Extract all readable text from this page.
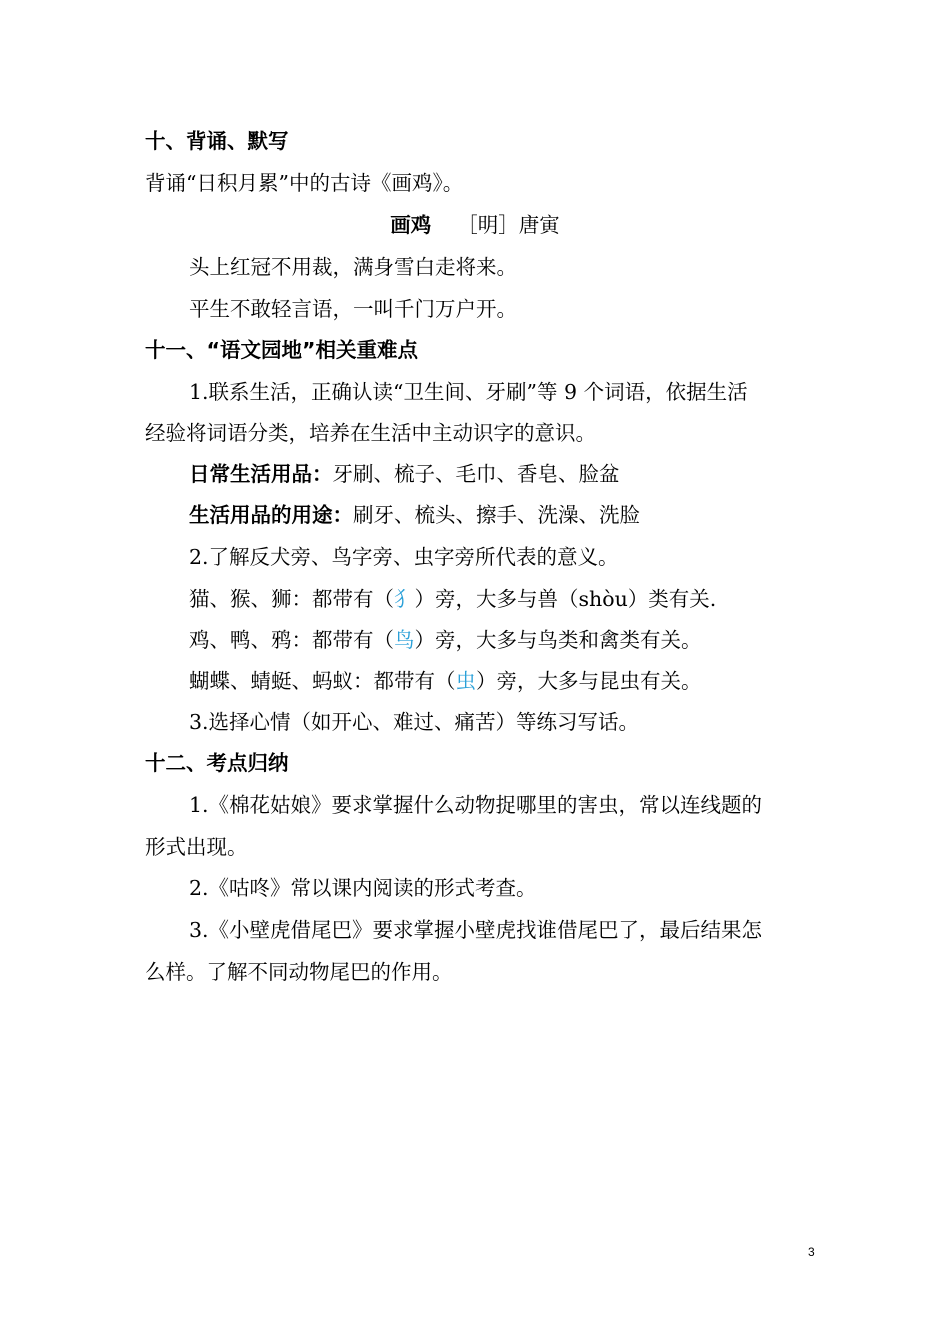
十、背诵、默写
背诵“日积月累”中的古诗《画鸡》。
画鸡 ［明］唐寅
头上红冠不用裁，满身雪白走将来。
平生不敢轻言语，一叫千门万户开。
十一、“语文园地”相关重难点
1.联系生活，正确认读“卫生间、牙刷”等 9 个词语，依据生活
经验将词语分类，培养在生活中主动识字的意识。
日常生活用品：牙刷、梳子、毛巾、香皂、脸盆
生活用品的用途：刷牙、梳头、擦手、洗澡、洗脸
2.了解反犬旁、鸟字旁、虫字旁所代表的意义。
猫、猴、狮：都带有（犭）旁，大多与兽（shòu）类有关.
鸡、鸭、鸦：都带有（鸟）旁，大多与鸟类和禽类有关。
蝴蝶、蜻蜓、蚂蚁：都带有（虫）旁，大多与昆虫有关。
3.选择心情（如开心、难过、痛苦）等练习写话。
十二、考点归纳
1.《棉花姑娘》要求掌握什么动物捉哪里的害虫，常以连线题的
形式出现。
2.《咕咚》常以课内阅读的形式考查。
3.《小壁虎借尾巴》要求掌握小壁虎找谁借尾巴了，最后结果怎
么样。了解不同动物尾巴的作用。
3
